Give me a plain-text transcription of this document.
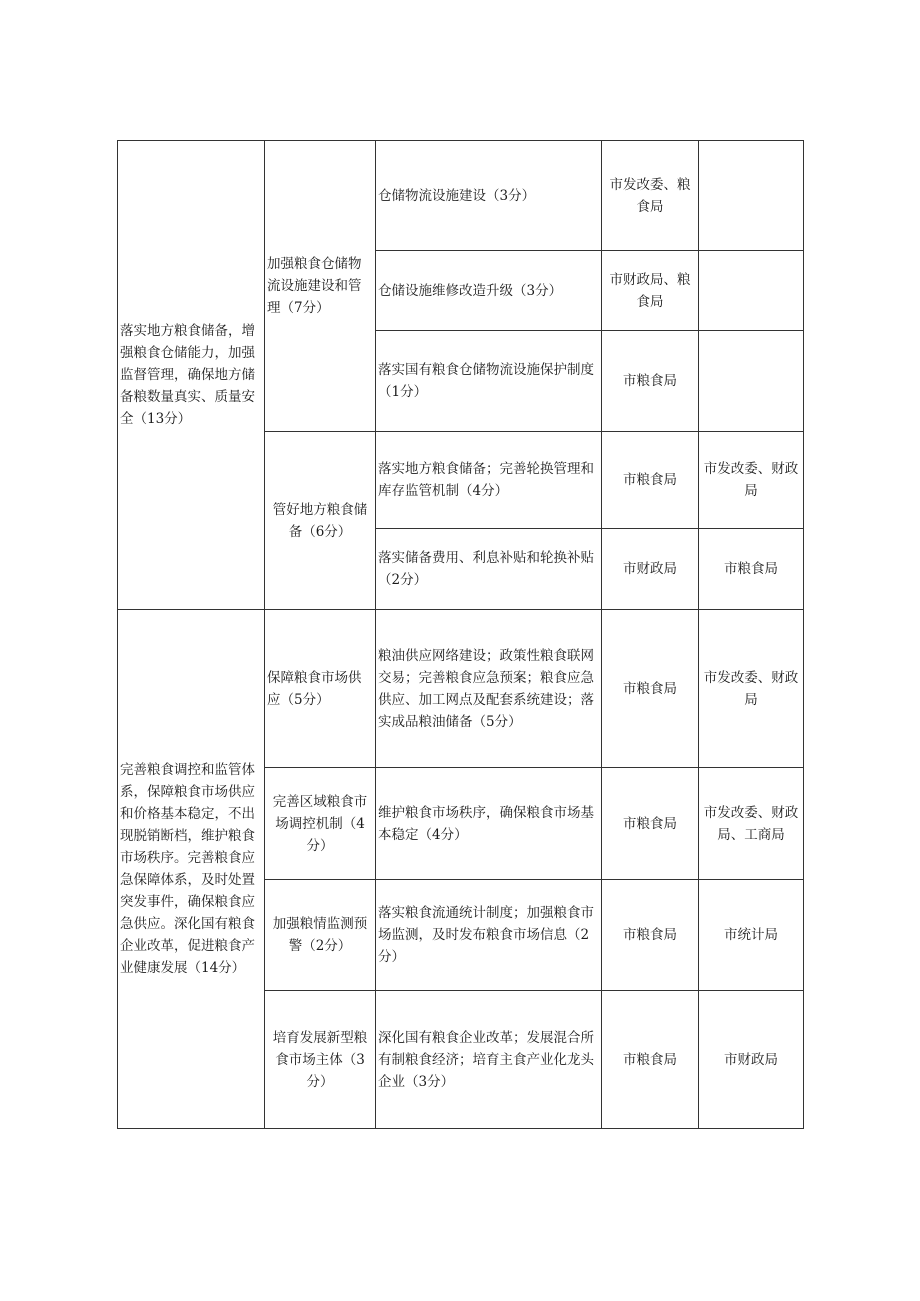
落实地方粮食储备，增强粮食仓储能力，加强监督管理，确保地方储备粮数量真实、质量安全（13分）	加强粮食仓储物流设施建设和管理（7分）	仓储物流设施建设（3分）	市发改委、粮食局	
		仓储设施维修改造升级（3分）	市财政局、粮食局	
		落实国有粮食仓储物流设施保护制度（1分）	市粮食局	
	管好地方粮食储备（6分）	落实地方粮食储备；完善轮换管理和库存监管机制（4分）	市粮食局	市发改委、财政局
		落实储备费用、利息补贴和轮换补贴（2分）	市财政局	市粮食局
完善粮食调控和监管体系，保障粮食市场供应和价格基本稳定，不出现脱销断档，维护粮食市场秩序。完善粮食应急保障体系，及时处置突发事件，确保粮食应急供应。深化国有粮食企业改革，促进粮食产业健康发展（14分）	保障粮食市场供应（5分）	粮油供应网络建设；政策性粮食联网交易；完善粮食应急预案；粮食应急供应、加工网点及配套系统建设；落实成品粮油储备（5分）	市粮食局	市发改委、财政局
	完善区域粮食市场调控机制（4分）	维护粮食市场秩序，确保粮食市场基本稳定（4分）	市粮食局	市发改委、财政局、工商局
	加强粮情监测预警（2分）	落实粮食流通统计制度；加强粮食市场监测，及时发布粮食市场信息（2分）	市粮食局	市统计局
	培育发展新型粮食市场主体（3分）	深化国有粮食企业改革；发展混合所有制粮食经济；培育主食产业化龙头企业（3分）	市粮食局	市财政局
